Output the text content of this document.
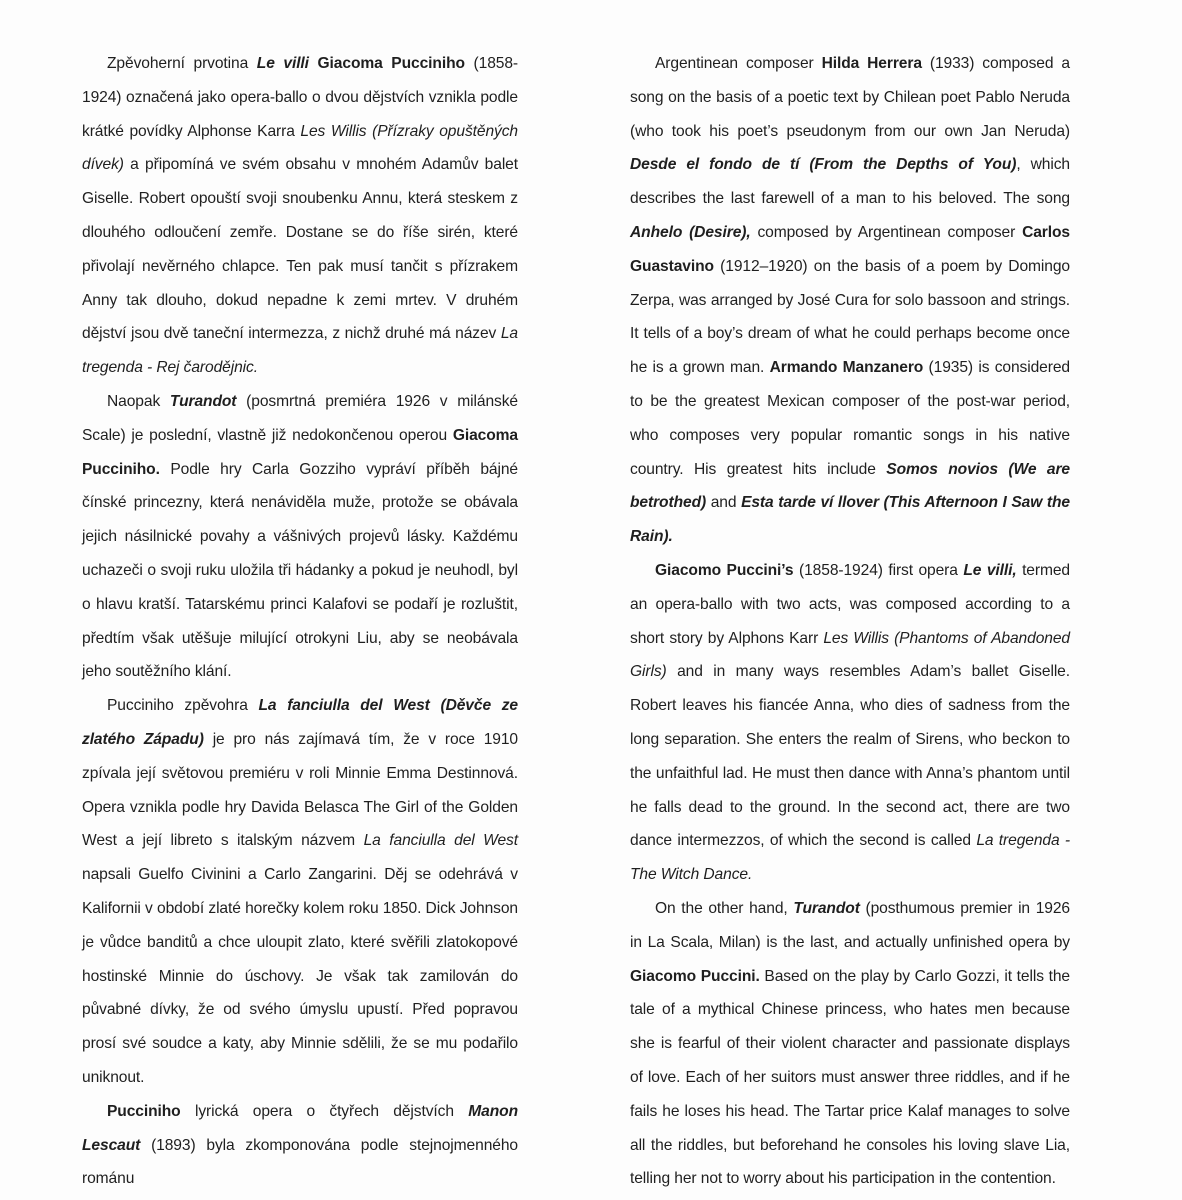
Zpěvoherní prvotina Le villi Giacoma Pucciniho (1858-1924) označená jako opera-ballo o dvou dějstvích vznikla podle krátké povídky Alphonse Karra Les Willis (Přízraky opuštěných dívek) a připomíná ve svém obsahu v mnohém Adamův balet Giselle. Robert opouští svoji snoubenku Annu, která steskem z dlouhého odloučení zemře. Dostane se do říše sirén, které přivolají nevěrného chlapce. Ten pak musí tančit s přízrakem Anny tak dlouho, dokud nepadne k zemi mrtev. V druhém dějství jsou dvě taneční intermezza, z nichž druhé má název La tregenda - Rej čarodějnic.

Naopak Turandot (posmrtná premiéra 1926 v milánské Scale) je poslední, vlastně již nedokončenou operou Giacoma Pucciniho. Podle hry Carla Gozziho vypráví příběh bájné čínské princezny, která nenáviděla muže, protože se obávala jejich násilnické povahy a vášnivých projevů lásky. Každému uchazeči o svoji ruku uložila tři hádanky a pokud je neuhodl, byl o hlavu kratší. Tatarskému princi Kalafovi se podaří je rozluštit, předtím však utěšuje milující otrokyni Liu, aby se neobávala jeho soutěžního klání.

Pucciniho zpěvohra La fanciulla del West (Děvče ze zlatého Západu) je pro nás zajímavá tím, že v roce 1910 zpívala její světovou premiéru v roli Minnie Emma Destinnová. Opera vznikla podle hry Davida Belasca The Girl of the Golden West a její libreto s italským názvem La fanciulla del West napsali Guelfo Civinini a Carlo Zangarini. Děj se odehrává v Kalifornii v období zlaté horečky kolem roku 1850. Dick Johnson je vůdce banditů a chce uloupit zlato, které svěřili zlatokopové hostinské Minnie do úschovy. Je však tak zamilován do půvabné dívky, že od svého úmyslu upustí. Před popravou prosí své soudce a katy, aby Minnie sdělili, že se mu podařilo uniknout.

Pucciniho lyrická opera o čtyřech dějstvích Manon Lescaut (1893) byla zkomponována podle stejnojmenného románu

Argentinean composer Hilda Herrera (1933) composed a song on the basis of a poetic text by Chilean poet Pablo Neruda (who took his poet’s pseudonym from our own Jan Neruda) Desde el fondo de tí (From the Depths of You), which describes the last farewell of a man to his beloved. The song Anhelo (Desire), composed by Argentinean composer Carlos Guastavino (1912–1920) on the basis of a poem by Domingo Zerpa, was arranged by José Cura for solo bassoon and strings. It tells of a boy’s dream of what he could perhaps become once he is a grown man. Armando Manzanero (1935) is considered to be the greatest Mexican composer of the post-war period, who composes very popular romantic songs in his native country. His greatest hits include Somos novios (We are betrothed) and Esta tarde ví llover (This Afternoon I Saw the Rain).

Giacomo Puccini’s (1858-1924) first opera Le villi, termed an opera-ballo with two acts, was composed according to a short story by Alphons Karr Les Willis (Phantoms of Abandoned Girls) and in many ways resembles Adam’s ballet Giselle. Robert leaves his fiancée Anna, who dies of sadness from the long separation. She enters the realm of Sirens, who beckon to the unfaithful lad. He must then dance with Anna’s phantom until he falls dead to the ground. In the second act, there are two dance intermezzos, of which the second is called La tregenda - The Witch Dance.

On the other hand, Turandot (posthumous premier in 1926 in La Scala, Milan) is the last, and actually unfinished opera by Giacomo Puccini. Based on the play by Carlo Gozzi, it tells the tale of a mythical Chinese princess, who hates men because she is fearful of their violent character and passionate displays of love. Each of her suitors must answer three riddles, and if he fails he loses his head. The Tartar price Kalaf manages to solve all the riddles, but beforehand he consoles his loving slave Lia, telling her not to worry about his participation in the contention.
